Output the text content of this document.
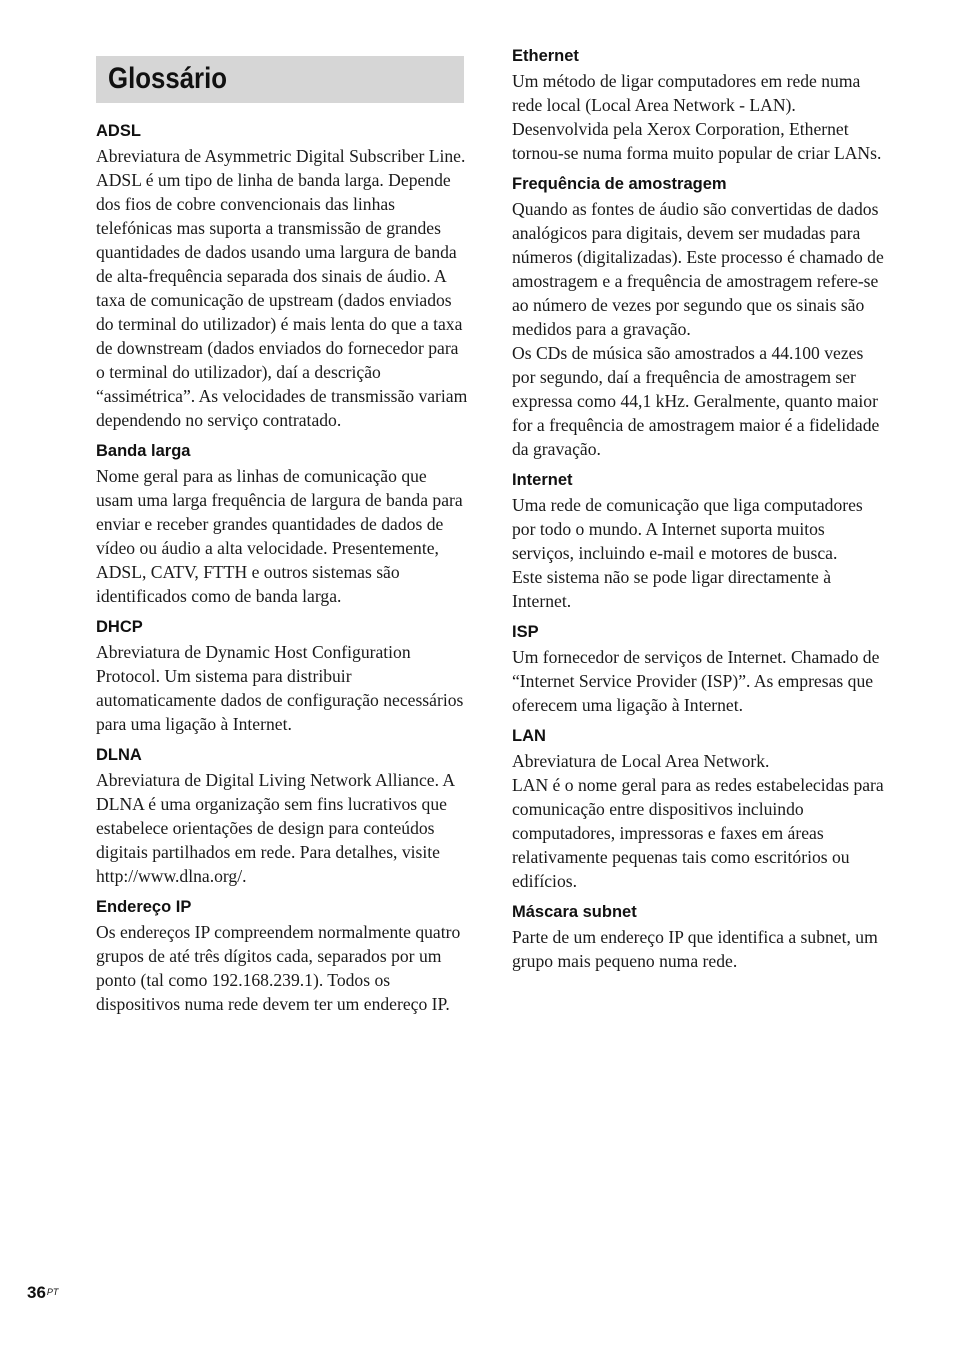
Glossário
ADSL

Abreviatura de Asymmetric Digital Subscriber Line. ADSL é um tipo de linha de banda larga. Depende dos fios de cobre convencionais das linhas telefónicas mas suporta a transmissão de grandes quantidades de dados usando uma largura de banda de alta-frequência separada dos sinais de áudio. A taxa de comunicação de upstream (dados enviados do terminal do utilizador) é mais lenta do que a taxa de downstream (dados enviados do fornecedor para o terminal do utilizador), daí a descrição “assimétrica”. As velocidades de transmissão variam dependendo no serviço contratado.

Banda larga

Nome geral para as linhas de comunicação que usam uma larga frequência de largura de banda para enviar e receber grandes quantidades de dados de vídeo ou áudio a alta velocidade. Presentemente, ADSL, CATV, FTTH e outros sistemas são identificados como de banda larga.

DHCP

Abreviatura de Dynamic Host Configuration Protocol. Um sistema para distribuir automaticamente dados de configuração necessários para uma ligação à Internet.

DLNA

Abreviatura de Digital Living Network Alliance. A DLNA é uma organização sem fins lucrativos que estabelece orientações de design para conteúdos digitais partilhados em rede. Para detalhes, visite http://www.dlna.org/.

Endereço IP

Os endereços IP compreendem normalmente quatro grupos de até três dígitos cada, separados por um ponto (tal como 192.168.239.1). Todos os dispositivos numa rede devem ter um endereço IP.

Ethernet

Um método de ligar computadores em rede numa rede local (Local Area Network - LAN). Desenvolvida pela Xerox Corporation, Ethernet tornou-se numa forma muito popular de criar LANs.

Frequência de amostragem

Quando as fontes de áudio são convertidas de dados analógicos para digitais, devem ser mudadas para números (digitalizadas). Este processo é chamado de amostragem e a frequência de amostragem refere-se ao número de vezes por segundo que os sinais são medidos para a gravação.

Os CDs de música são amostrados a 44.100 vezes por segundo, daí a frequência de amostragem ser expressa como 44,1 kHz. Geralmente, quanto maior for a frequência de amostragem maior é a fidelidade da gravação.

Internet

Uma rede de comunicação que liga computadores por todo o mundo. A Internet suporta muitos serviços, incluindo e-mail e motores de busca.

Este sistema não se pode ligar directamente à Internet.

ISP

Um fornecedor de serviços de Internet. Chamado de “Internet Service Provider (ISP)”. As empresas que oferecem uma ligação à Internet.

LAN

Abreviatura de Local Area Network.

LAN é o nome geral para as redes estabelecidas para comunicação entre dispositivos incluindo computadores, impressoras e faxes em áreas relativamente pequenas tais como escritórios ou edifícios.

Máscara subnet

Parte de um endereço IP que identifica a subnet, um grupo mais pequeno numa rede.

$36^{PT}$
